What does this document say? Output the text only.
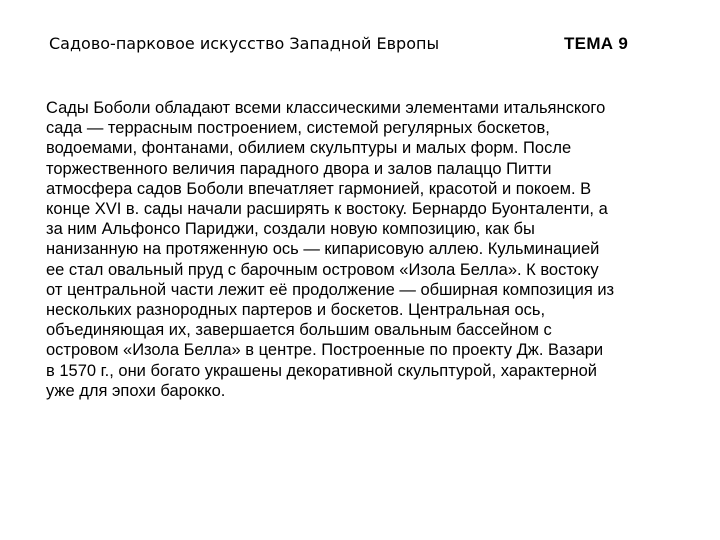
Садово-парковое искусство Западной Европы	ТЕМА 9

Сады Боболи обладают всеми классическими элементами итальянского
сада — террасным построением, системой регулярных боскетов,
водоемами, фонтанами, обилием скульптуры и малых форм. После
торжественного величия парадного двора и залов палаццо Питти
атмосфера садов Боболи впечатляет гармонией, красотой и покоем. В
конце XVI в. сады начали расширять к востоку. Бернардо Буонталенти, а
за ним Альфонсо Париджи, создали новую композицию, как бы
нанизанную на протяженную ось — кипарисовую аллею. Кульминацией
ее стал овальный пруд с барочным островом «Изола Белла». К востоку
от центральной части лежит её продолжение — обширная композиция из
нескольких разнородных партеров и боскетов. Центральная ось,
объединяющая их, завершается большим овальным бассейном с
островом «Изола Белла» в центре. Построенные по проекту Дж. Вазари
в 1570 г., они богато украшены декоративной скульптурой, характерной
уже для эпохи барокко.
